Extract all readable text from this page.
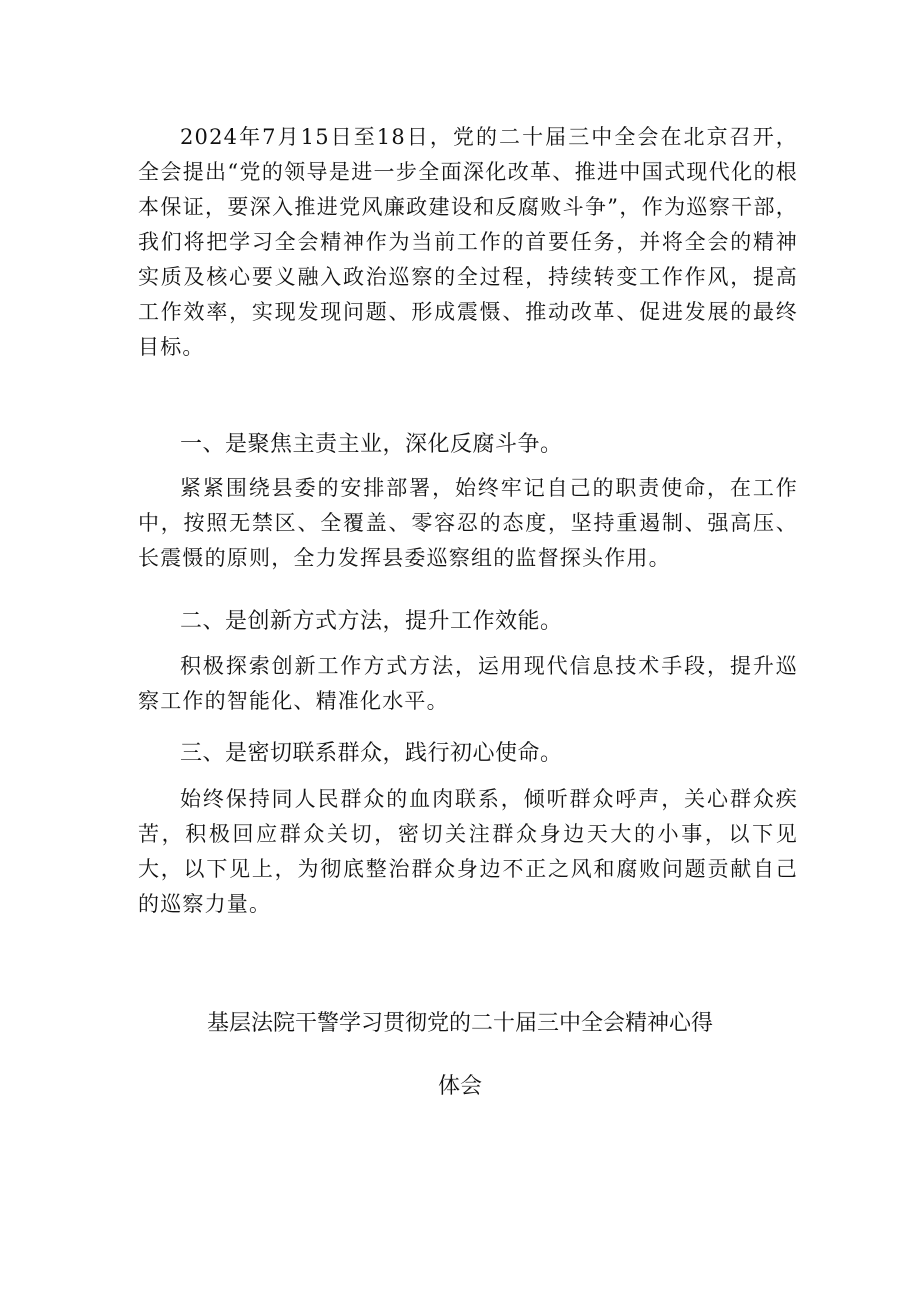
2024年7月15日至18日，党的二十届三中全会在北京召开，全会提出“党的领导是进一步全面深化改革、推进中国式现代化的根本保证，要深入推进党风廉政建设和反腐败斗争”，作为巡察干部，我们将把学习全会精神作为当前工作的首要任务，并将全会的精神实质及核心要义融入政治巡察的全过程，持续转变工作作风，提高工作效率，实现发现问题、形成震慑、推动改革、促进发展的最终目标。

一、是聚焦主责主业，深化反腐斗争。

紧紧围绕县委的安排部署，始终牢记自己的职责使命，在工作中，按照无禁区、全覆盖、零容忍的态度，坚持重遏制、强高压、长震慑的原则，全力发挥县委巡察组的监督探头作用。

二、是创新方式方法，提升工作效能。

积极探索创新工作方式方法，运用现代信息技术手段，提升巡察工作的智能化、精准化水平。

三、是密切联系群众，践行初心使命。

始终保持同人民群众的血肉联系，倾听群众呼声，关心群众疾苦，积极回应群众关切，密切关注群众身边天大的小事，以下见大，以下见上，为彻底整治群众身边不正之风和腐败问题贡献自己的巡察力量。

基层法院干警学习贯彻党的二十届三中全会精神心得
体会
